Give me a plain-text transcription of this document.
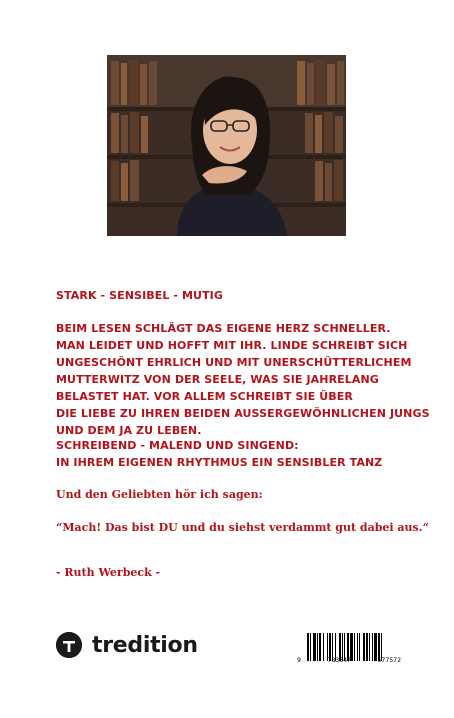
STARK - SENSIBEL - MUTIG
BEIM LESEN SCHLÄGT DAS EIGENE HERZ SCHNELLER.
MAN LEIDET UND HOFFT MIT IHR. LINDE SCHREIBT SICH
UNGESCHÖNT EHRLICH UND MIT UNERSCHÜTTERLICHEM
MUTTERWITZ VON DER SEELE, WAS SIE JAHRELANG
BELASTET HAT. VOR ALLEM SCHREIBT SIE ÜBER
DIE LIEBE ZU IHREN BEIDEN AUSSERGEWÖHNLICHEN JUNGS
UND DEM JA ZU LEBEN.
SCHREIBEND - MALEND UND SINGEND:
IN IHREM EIGENEN RHYTHMUS EIN SENSIBLER TANZ
Und den Geliebten hör ich sagen:
“Mach! Das bist DU und du siehst verdammt gut dabei aus.“
- Ruth Werbeck -
tredition
9	783347	577572
